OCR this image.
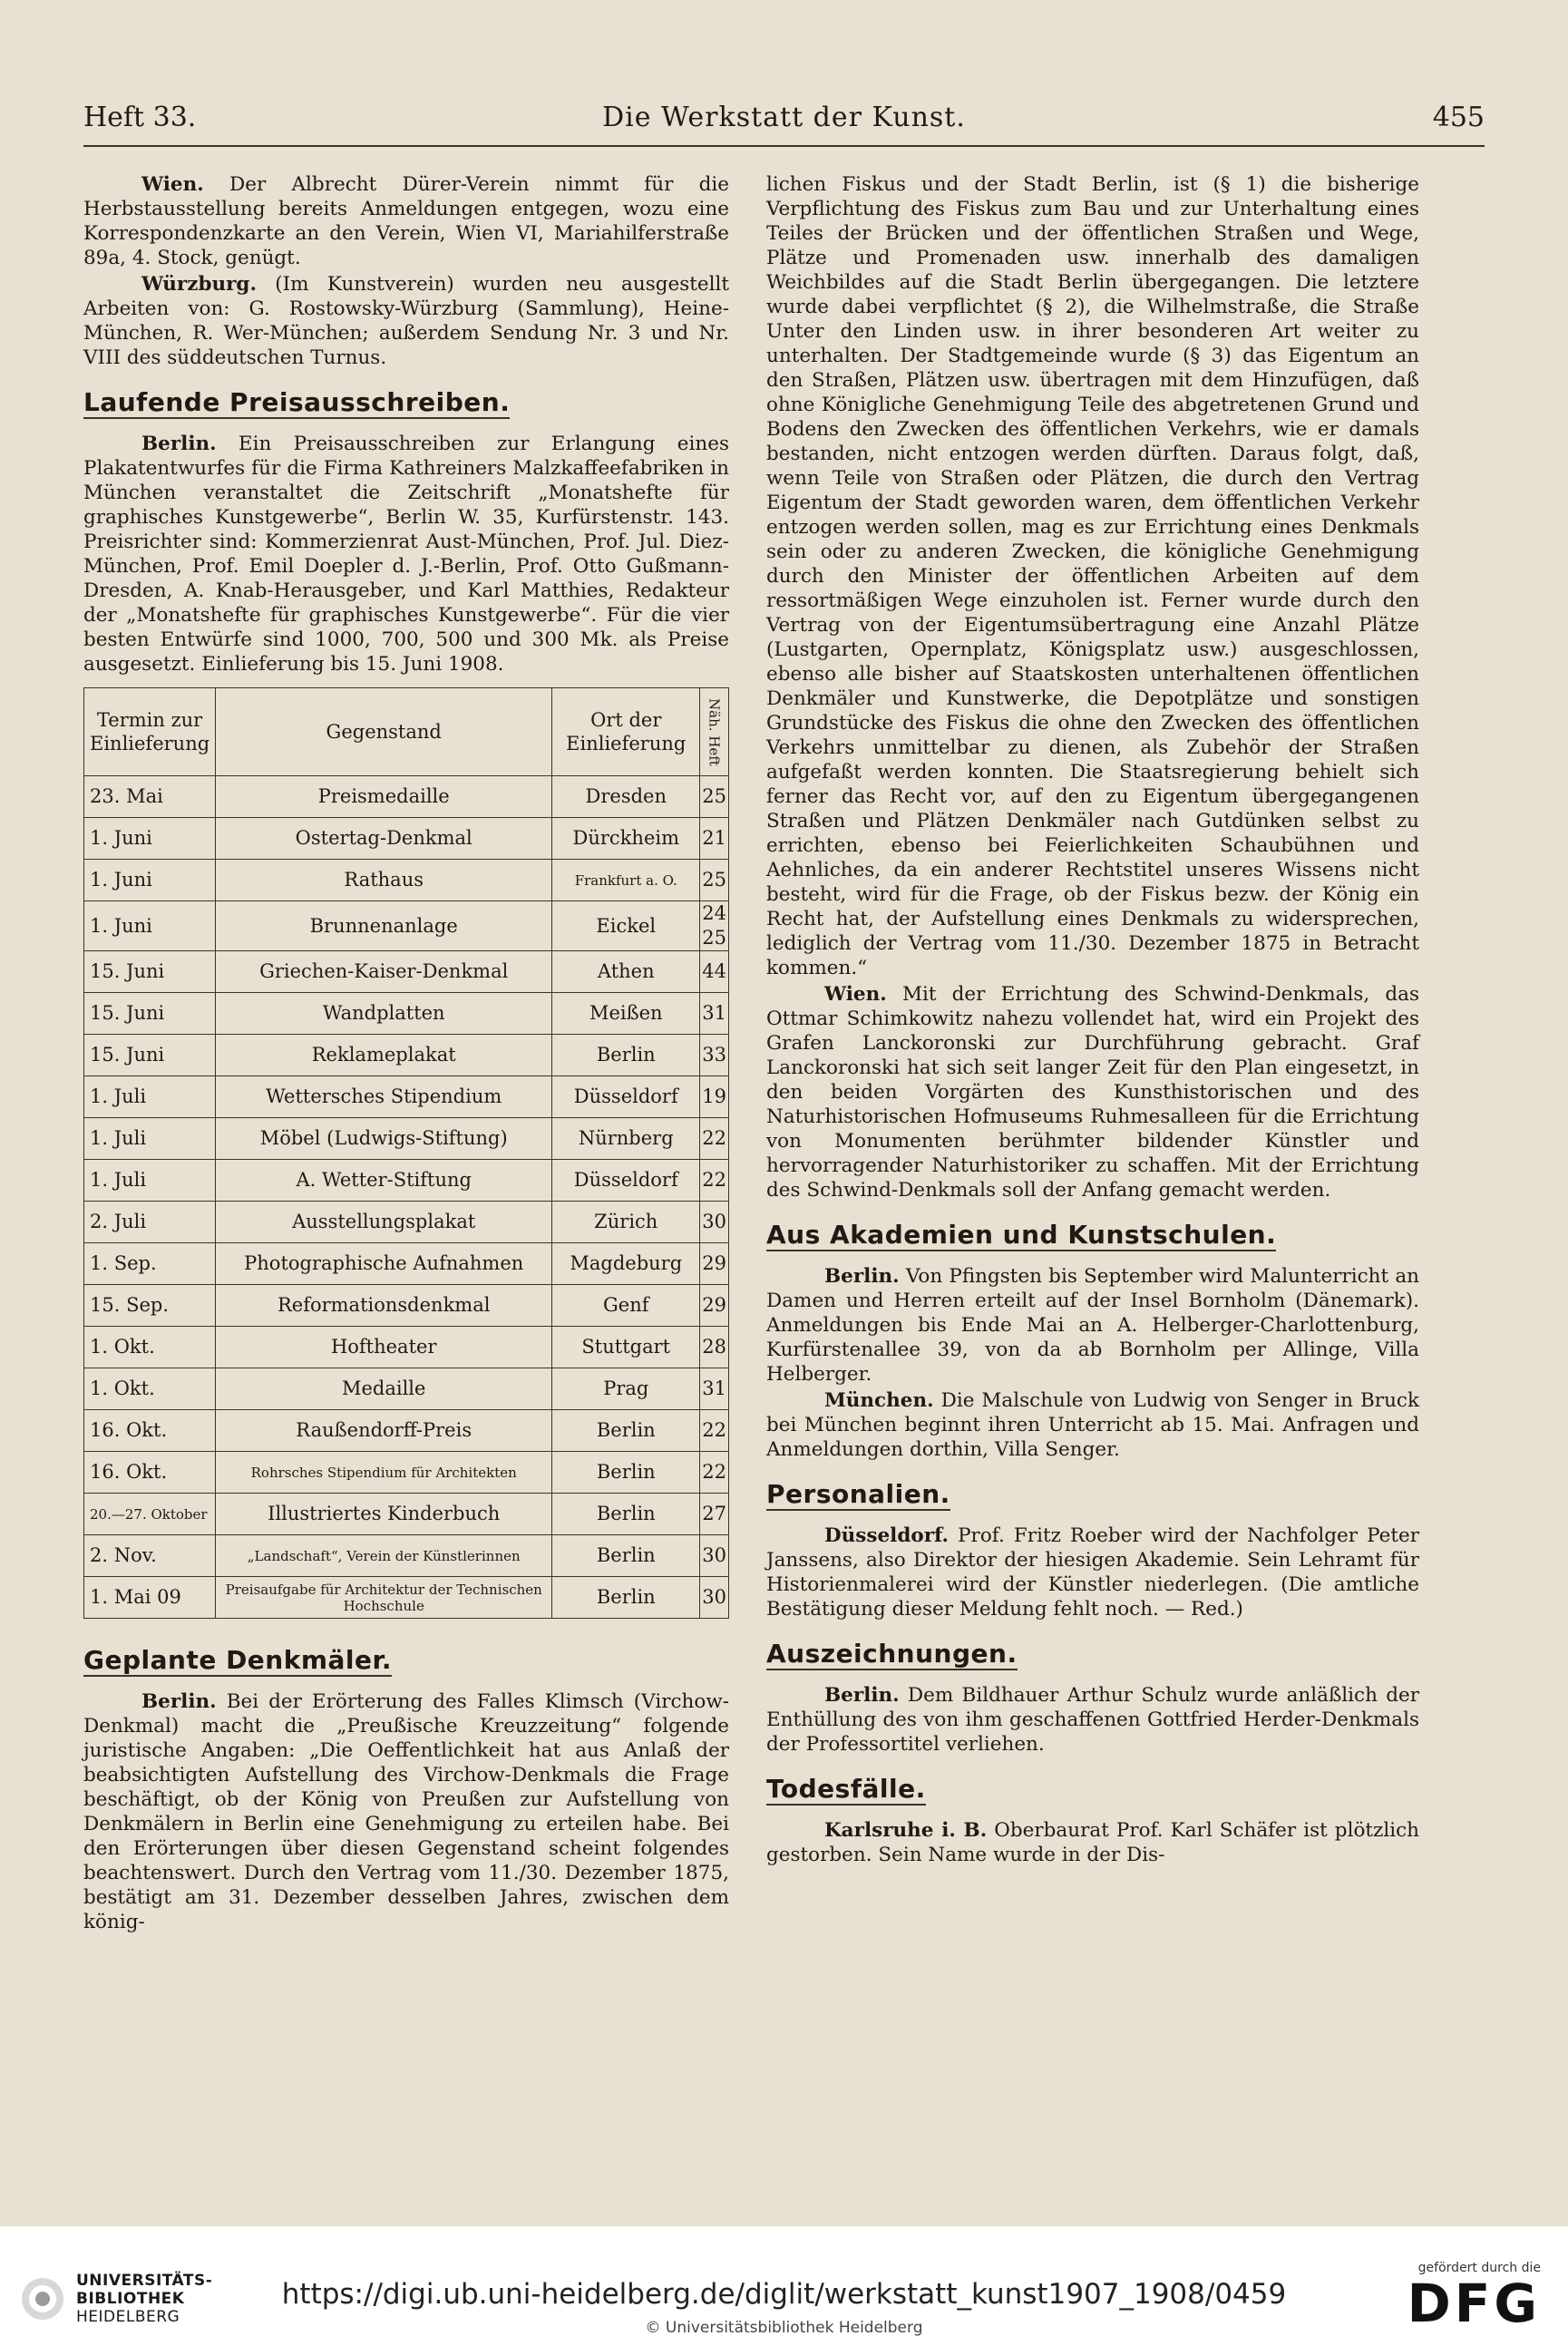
Heft 33.	Die Werkstatt der Kunst.	455

Wien. Der Albrecht Dürer-Verein nimmt für die Herbstausstellung bereits Anmeldungen entgegen, wozu eine Korrespondenzkarte an den Verein, Wien VI, Mariahilferstraße 89a, 4. Stock, genügt.

Würzburg. (Im Kunstverein) wurden neu ausgestellt Arbeiten von: G. Rostowsky-Würzburg (Sammlung), Heine-München, R. Wer-München; außerdem Sendung Nr. 3 und Nr. VIII des süddeutschen Turnus.

Laufende Preisausschreiben.

Berlin. Ein Preisausschreiben zur Erlangung eines Plakatentwurfes für die Firma Kathreiners Malzkaffeefabriken in München veranstaltet die Zeitschrift „Monatshefte für graphisches Kunstgewerbe“, Berlin W. 35, Kurfürstenstr. 143. Preisrichter sind: Kommerzienrat Aust-München, Prof. Jul. Diez-München, Prof. Emil Doepler d. J.-Berlin, Prof. Otto Gußmann-Dresden, A. Knab-Herausgeber, und Karl Matthies, Redakteur der „Monatshefte für graphisches Kunstgewerbe“. Für die vier besten Entwürfe sind 1000, 700, 500 und 300 Mk. als Preise ausgesetzt. Einlieferung bis 15. Juni 1908.

Termin zur Einlieferung	Gegenstand	Ort der Einlieferung	Näh. Heft
23. Mai	Preismedaille	Dresden	25
1. Juni	Ostertag-Denkmal	Dürckheim	21
1. Juni	Rathaus	Frankfurt a. O.	25
1. Juni	Brunnenanlage	Eickel	24 25
15. Juni	Griechen-Kaiser-Denkmal	Athen	44
15. Juni	Wandplatten	Meißen	31
15. Juni	Reklameplakat	Berlin	33
1. Juli	Wettersches Stipendium	Düsseldorf	19
1. Juli	Möbel (Ludwigs-Stiftung)	Nürnberg	22
1. Juli	A. Wetter-Stiftung	Düsseldorf	22
2. Juli	Ausstellungsplakat	Zürich	30
1. Sep.	Photographische Aufnahmen	Magdeburg	29
15. Sep.	Reformationsdenkmal	Genf	29
1. Okt.	Hoftheater	Stuttgart	28
1. Okt.	Medaille	Prag	31
16. Okt.	Raußendorff-Preis	Berlin	22
16. Okt.	Rohrsches Stipendium für Architekten	Berlin	22
20.—27. Oktober	Illustriertes Kinderbuch	Berlin	27
2. Nov.	„Landschaft“, Verein der Künstlerinnen	Berlin	30
1. Mai 09	Preisaufgabe für Architektur der Technischen Hochschule	Berlin	30
Geplante Denkmäler.

Berlin. Bei der Erörterung des Falles Klimsch (Virchow-Denkmal) macht die „Preußische Kreuzzeitung“ folgende juristische Angaben: „Die Oeffentlichkeit hat aus Anlaß der beabsichtigten Aufstellung des Virchow-Denkmals die Frage beschäftigt, ob der König von Preußen zur Aufstellung von Denkmälern in Berlin eine Genehmigung zu erteilen habe. Bei den Erörterungen über diesen Gegenstand scheint folgendes beachtenswert. Durch den Vertrag vom 11./30. Dezember 1875, bestätigt am 31. Dezember desselben Jahres, zwischen dem könig-

lichen Fiskus und der Stadt Berlin, ist (§ 1) die bisherige Verpflichtung des Fiskus zum Bau und zur Unterhaltung eines Teiles der Brücken und der öffentlichen Straßen und Wege, Plätze und Promenaden usw. innerhalb des damaligen Weichbildes auf die Stadt Berlin übergegangen. Die letztere wurde dabei verpflichtet (§ 2), die Wilhelmstraße, die Straße Unter den Linden usw. in ihrer besonderen Art weiter zu unterhalten. Der Stadtgemeinde wurde (§ 3) das Eigentum an den Straßen, Plätzen usw. übertragen mit dem Hinzufügen, daß ohne Königliche Genehmigung Teile des abgetretenen Grund und Bodens den Zwecken des öffentlichen Verkehrs, wie er damals bestanden, nicht entzogen werden dürften. Daraus folgt, daß, wenn Teile von Straßen oder Plätzen, die durch den Vertrag Eigentum der Stadt geworden waren, dem öffentlichen Verkehr entzogen werden sollen, mag es zur Errichtung eines Denkmals sein oder zu anderen Zwecken, die königliche Genehmigung durch den Minister der öffentlichen Arbeiten auf dem ressortmäßigen Wege einzuholen ist. Ferner wurde durch den Vertrag von der Eigentumsübertragung eine Anzahl Plätze (Lustgarten, Opernplatz, Königsplatz usw.) ausgeschlossen, ebenso alle bisher auf Staatskosten unterhaltenen öffentlichen Denkmäler und Kunstwerke, die Depotplätze und sonstigen Grundstücke des Fiskus die ohne den Zwecken des öffentlichen Verkehrs unmittelbar zu dienen, als Zubehör der Straßen aufgefaßt werden konnten. Die Staatsregierung behielt sich ferner das Recht vor, auf den zu Eigentum übergegangenen Straßen und Plätzen Denkmäler nach Gutdünken selbst zu errichten, ebenso bei Feierlichkeiten Schaubühnen und Aehnliches, da ein anderer Rechtstitel unseres Wissens nicht besteht, wird für die Frage, ob der Fiskus bezw. der König ein Recht hat, der Aufstellung eines Denkmals zu widersprechen, lediglich der Vertrag vom 11./30. Dezember 1875 in Betracht kommen.“

Wien. Mit der Errichtung des Schwind-Denkmals, das Ottmar Schimkowitz nahezu vollendet hat, wird ein Projekt des Grafen Lanckoronski zur Durchführung gebracht. Graf Lanckoronski hat sich seit langer Zeit für den Plan eingesetzt, in den beiden Vorgärten des Kunsthistorischen und des Naturhistorischen Hofmuseums Ruhmesalleen für die Errichtung von Monumenten berühmter bildender Künstler und hervorragender Naturhistoriker zu schaffen. Mit der Errichtung des Schwind-Denkmals soll der Anfang gemacht werden.

Aus Akademien und Kunstschulen.

Berlin. Von Pfingsten bis September wird Malunterricht an Damen und Herren erteilt auf der Insel Bornholm (Dänemark). Anmeldungen bis Ende Mai an A. Helberger-Charlottenburg, Kurfürstenallee 39, von da ab Bornholm per Allinge, Villa Helberger.

München. Die Malschule von Ludwig von Senger in Bruck bei München beginnt ihren Unterricht ab 15. Mai. Anfragen und Anmeldungen dorthin, Villa Senger.

Personalien.

Düsseldorf. Prof. Fritz Roeber wird der Nachfolger Peter Janssens, also Direktor der hiesigen Akademie. Sein Lehramt für Historienmalerei wird der Künstler niederlegen. (Die amtliche Bestätigung dieser Meldung fehlt noch. — Red.)

Auszeichnungen.

Berlin. Dem Bildhauer Arthur Schulz wurde anläßlich der Enthüllung des von ihm geschaffenen Gottfried Herder-Denkmals der Professortitel verliehen.

Todesfälle.

Karlsruhe i. B. Oberbaurat Prof. Karl Schäfer ist plötzlich gestorben. Sein Name wurde in der Dis-

UNIVERSITÄTS-
BIBLIOTHEK
HEIDELBERG
https://digi.ub.uni-heidelberg.de/diglit/werkstatt_kunst1907_1908/0459
© Universitätsbibliothek Heidelberg
gefördert durch die
DFG
